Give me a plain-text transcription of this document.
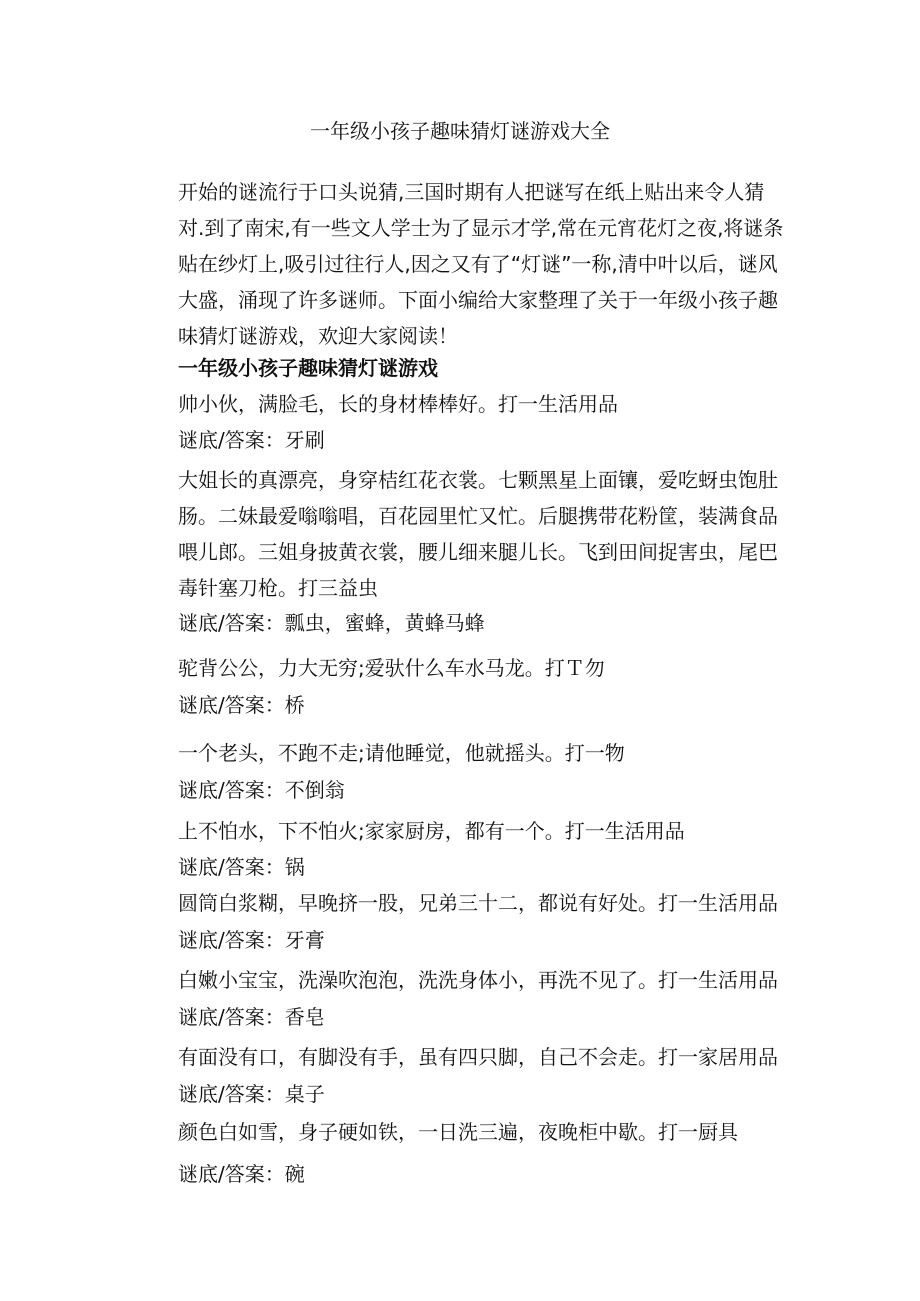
一年级小孩子趣味猜灯谜游戏大全
开始的谜流行于口头说猜,三国时期有人把谜写在纸上贴出来令人猜对.到了南宋,有一些文人学士为了显示才学,常在元宵花灯之夜,将谜条贴在纱灯上,吸引过往行人,因之又有了“灯谜”一称,清中叶以后，谜风大盛，涌现了许多谜师。下面小编给大家整理了关于一年级小孩子趣味猜灯谜游戏，欢迎大家阅读！
一年级小孩子趣味猜灯谜游戏
帅小伙，满脸毛，长的身材棒棒好。打一生活用品
谜底/答案：牙刷
大姐长的真漂亮，身穿桔红花衣裳。七颗黑星上面镶，爱吃蚜虫饱肚肠。二妹最爱嗡嗡唱，百花园里忙又忙。后腿携带花粉筐，装满食品喂儿郎。三姐身披黄衣裳，腰儿细来腿儿长。飞到田间捉害虫，尾巴毒针塞刀枪。打三益虫
谜底/答案：瓢虫，蜜蜂，黄蜂马蜂
驼背公公，力大无穷;爱驮什么车水马龙。打Ｔ勿
谜底/答案：桥
一个老头，不跑不走;请他睡觉，他就摇头。打一物
谜底/答案：不倒翁
上不怕水，下不怕火;家家厨房，都有一个。打一生活用品
谜底/答案：锅
圆筒白浆糊，早晚挤一股，兄弟三十二，都说有好处。打一生活用品
谜底/答案：牙膏
白嫩小宝宝，洗澡吹泡泡，洗洗身体小，再洗不见了。打一生活用品
谜底/答案：香皂
有面没有口，有脚没有手，虽有四只脚，自己不会走。打一家居用品
谜底/答案：桌子
颜色白如雪，身子硬如铁，一日洗三遍，夜晚柜中歇。打一厨具
谜底/答案：碗
